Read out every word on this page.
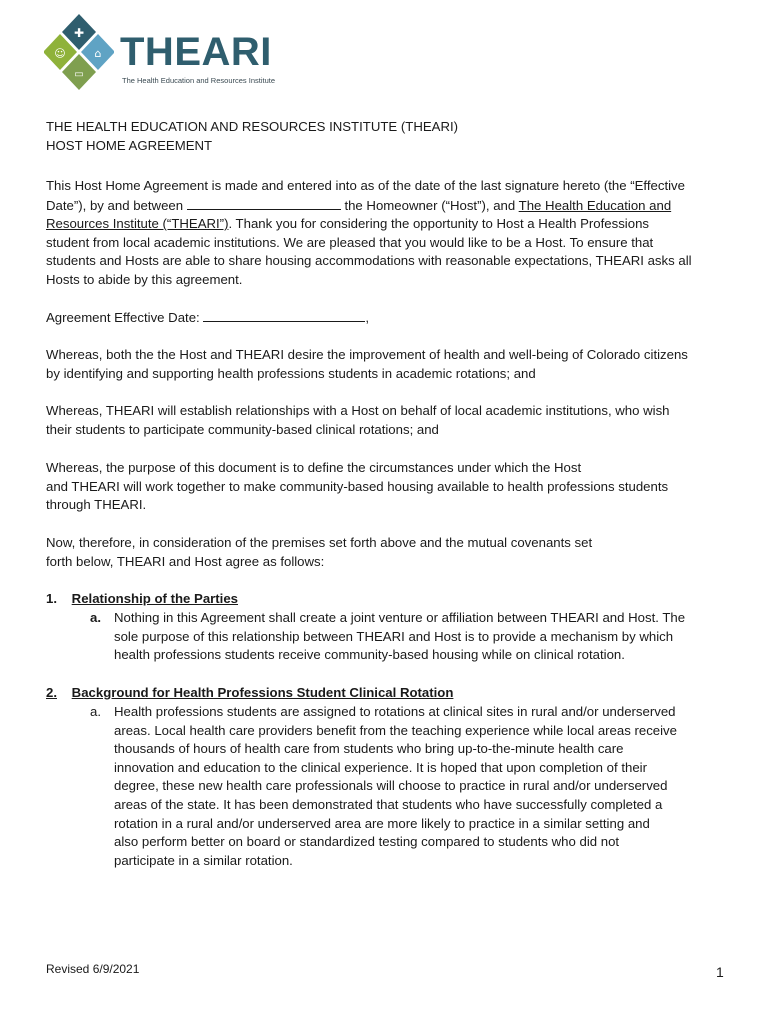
✚
☺	⌂
▭
THEARI
The Health Education and Resources Institute
THE HEALTH EDUCATION AND RESOURCES INSTITUTE (THEARI)
HOST HOME AGREEMENT
This Host Home Agreement is made and entered into as of the date of the last signature hereto (the “Effective
Date”), by and between	the Homeowner (“Host”), and The Health Education and
Resources Institute (“THEARI”). Thank you for considering the opportunity to Host a Health Professions
student from local academic institutions. We are pleased that you would like to be a Host. To ensure that
students and Hosts are able to share housing accommodations with reasonable expectations, THEARI asks all
Hosts to abide by this agreement.
Agreement Effective Date:	,
Whereas, both the the Host and THEARI desire the improvement of health and well-being of Colorado citizens
by identifying and supporting health professions students in academic rotations; and
Whereas, THEARI will establish relationships with a Host on behalf of local academic institutions, who wish
their students to participate community-based clinical rotations; and
Whereas, the purpose of this document is to define the circumstances under which the Host
and THEARI will work together to make community-based housing available to health professions students
through THEARI.
Now, therefore, in consideration of the premises set forth above and the mutual covenants set
forth below, THEARI and Host agree as follows:
1. Relationship of the Parties
a. Nothing in this Agreement shall create a joint venture or affiliation between THEARI and Host. The
sole purpose of this relationship between THEARI and Host is to provide a mechanism by which
health professions students receive community-based housing while on clinical rotation.
2. Background for Health Professions Student Clinical Rotation
a. Health professions students are assigned to rotations at clinical sites in rural and/or underserved
areas. Local health care providers benefit from the teaching experience while local areas receive
thousands of hours of health care from students who bring up-to-the-minute health care
innovation and education to the clinical experience. It is hoped that upon completion of their
degree, these new health care professionals will choose to practice in rural and/or underserved
areas of the state. It has been demonstrated that students who have successfully completed a
rotation in a rural and/or underserved area are more likely to practice in a similar setting and
also perform better on board or standardized testing compared to students who did not
participate in a similar rotation.
Revised 6/9/2021	1
